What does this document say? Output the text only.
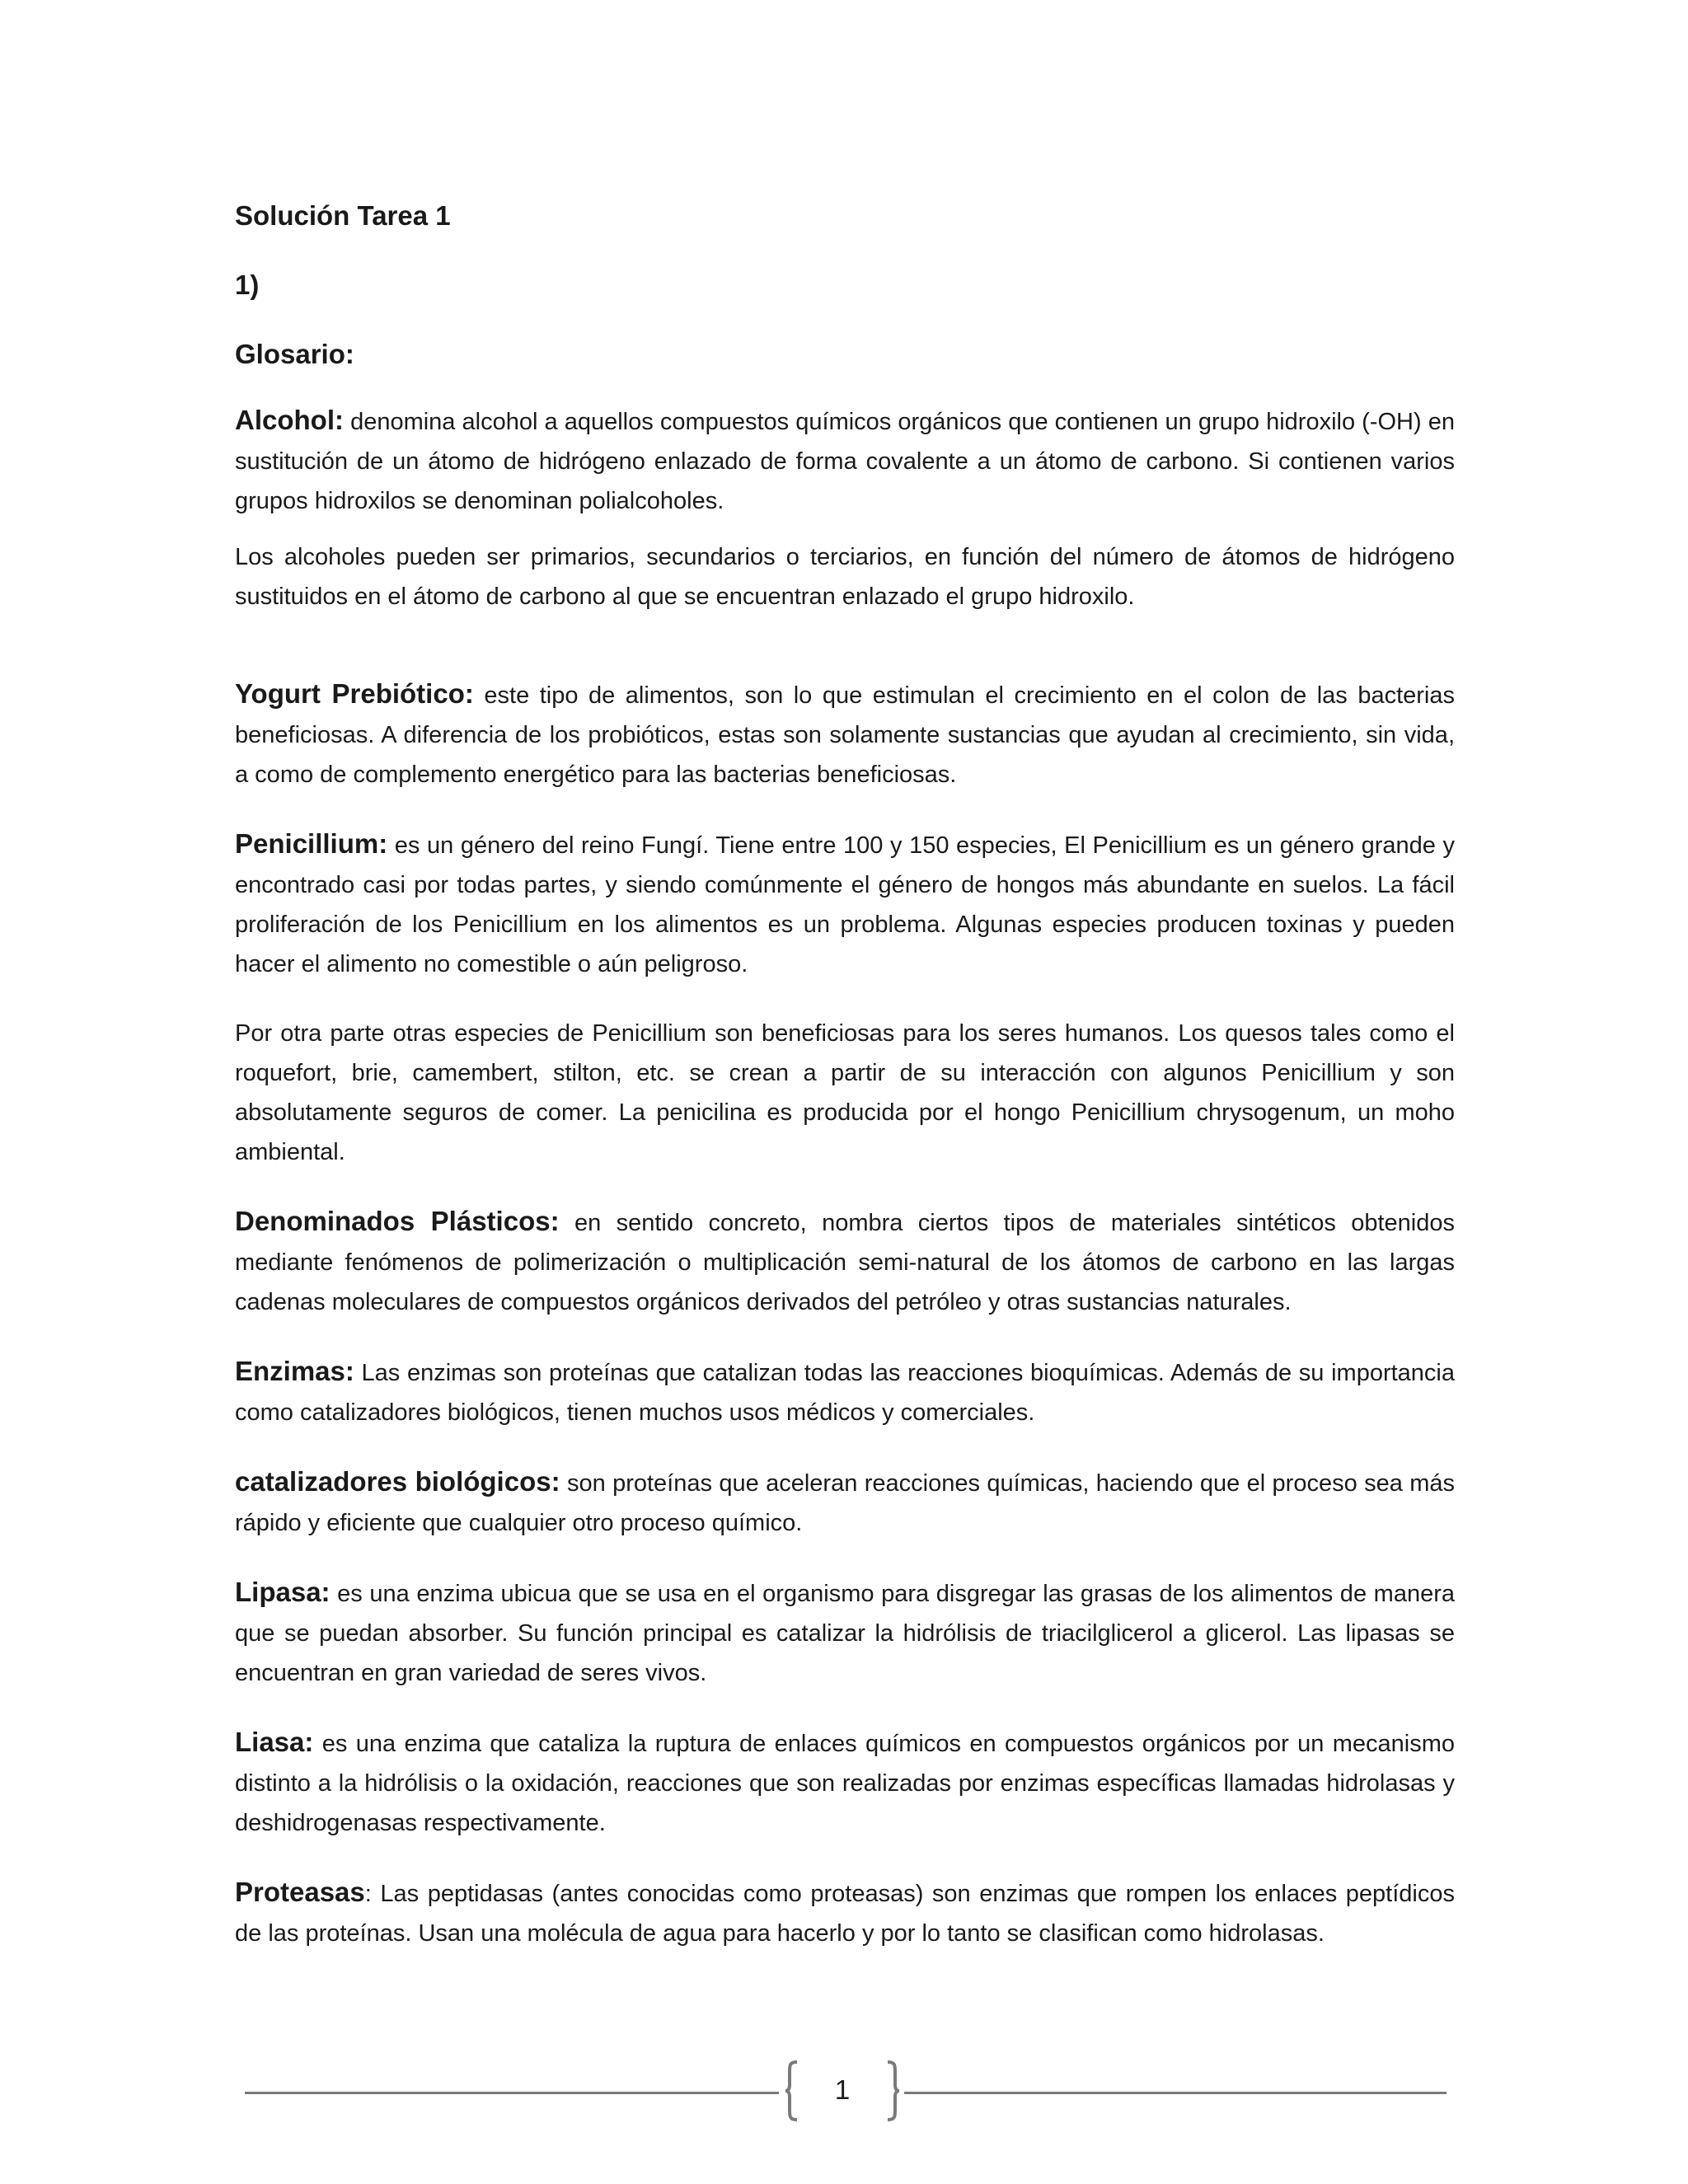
Solución Tarea 1

1)

Glosario:

Alcohol: denomina alcohol a aquellos compuestos químicos orgánicos que contienen un grupo hidroxilo (-OH) en sustitución de un átomo de hidrógeno enlazado de forma covalente a un átomo de carbono. Si contienen varios grupos hidroxilos se denominan polialcoholes.

Los alcoholes pueden ser primarios, secundarios o terciarios, en función del número de átomos de hidrógeno sustituidos en el átomo de carbono al que se encuentran enlazado el grupo hidroxilo.

Yogurt Prebiótico: este tipo de alimentos, son lo que estimulan el crecimiento en el colon de las bacterias beneficiosas. A diferencia de los probióticos, estas son solamente sustancias que ayudan al crecimiento, sin vida, a como de complemento energético para las bacterias beneficiosas.

Penicillium: es un género del reino Fungí. Tiene entre 100 y 150 especies, El Penicillium es un género grande y encontrado casi por todas partes, y siendo comúnmente el género de hongos más abundante en suelos. La fácil proliferación de los Penicillium en los alimentos es un problema. Algunas especies producen toxinas y pueden hacer el alimento no comestible o aún peligroso.

Por otra parte otras especies de Penicillium son beneficiosas para los seres humanos. Los quesos tales como el roquefort, brie, camembert, stilton, etc. se crean a partir de su interacción con algunos Penicillium y son absolutamente seguros de comer. La penicilina es producida por el hongo Penicillium chrysogenum, un moho ambiental.

Denominados Plásticos: en sentido concreto, nombra ciertos tipos de materiales sintéticos obtenidos mediante fenómenos de polimerización o multiplicación semi-natural de los átomos de carbono en las largas cadenas moleculares de compuestos orgánicos derivados del petróleo y otras sustancias naturales.

Enzimas: Las enzimas son proteínas que catalizan todas las reacciones bioquímicas. Además de su importancia como catalizadores biológicos, tienen muchos usos médicos y comerciales.

catalizadores biológicos: son proteínas que aceleran reacciones químicas, haciendo que el proceso sea más rápido y eficiente que cualquier otro proceso químico.

Lipasa: es una enzima ubicua que se usa en el organismo para disgregar las grasas de los alimentos de manera que se puedan absorber. Su función principal es catalizar la hidrólisis de triacilglicerol a glicerol. Las lipasas se encuentran en gran variedad de seres vivos.

Liasa: es una enzima que cataliza la ruptura de enlaces químicos en compuestos orgánicos por un mecanismo distinto a la hidrólisis o la oxidación, reacciones que son realizadas por enzimas específicas llamadas hidrolasas y deshidrogenasas respectivamente.

Proteasas: Las peptidasas (antes conocidas como proteasas) son enzimas que rompen los enlaces peptídicos de las proteínas. Usan una molécula de agua para hacerlo y por lo tanto se clasifican como hidrolasas.

1
